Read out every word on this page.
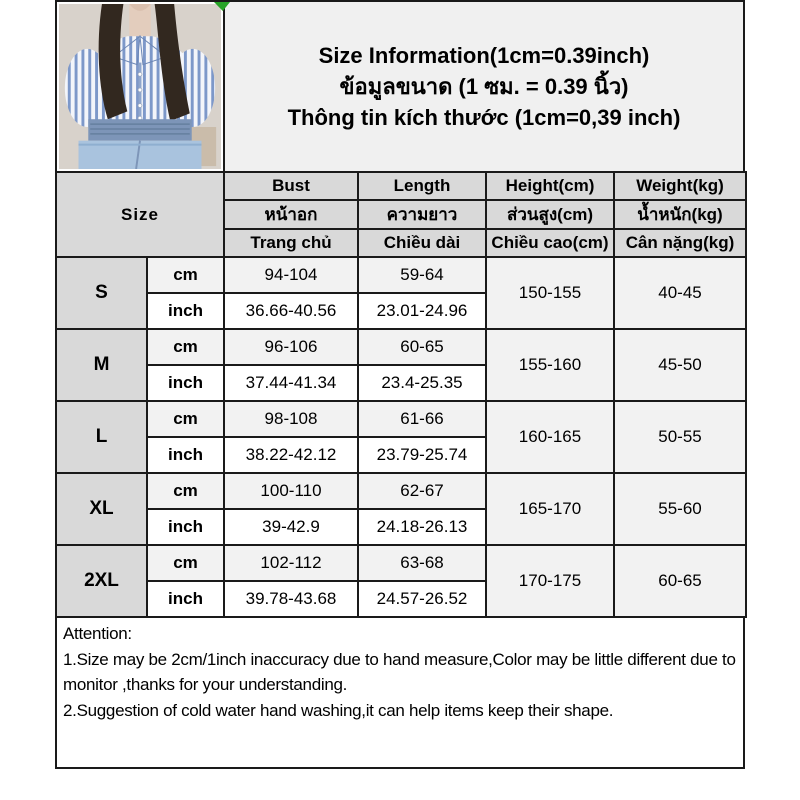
Size Information(1cm=0.39inch)
ข้อมูลขนาด (1 ซม. = 0.39 นิ้ว)
Thông tin kích thước (1cm=0,39 inch)
Size		Bust	Length	Height(cm)	Weight(kg)
		หน้าอก	ความยาว	ส่วนสูง(cm)	น้ำหนัก(kg)
		Trang chủ	Chiều dài	Chiều cao(cm)	Cân nặng(kg)
S	cm	94-104	59-64	150-155	40-45
	inch	36.66-40.56	23.01-24.96		
M	cm	96-106	60-65	155-160	45-50
	inch	37.44-41.34	23.4-25.35		
L	cm	98-108	61-66	160-165	50-55
	inch	38.22-42.12	23.79-25.74		
XL	cm	100-110	62-67	165-170	55-60
	inch	39-42.9	24.18-26.13		
2XL	cm	102-112	63-68	170-175	60-65
	inch	39.78-43.68	24.57-26.52		
Attention:
1.Size may be 2cm/1inch inaccuracy due to hand measure,Color may be little different due to monitor ,thanks for your understanding.
2.Suggestion of cold water hand washing,it can help items keep their shape.
